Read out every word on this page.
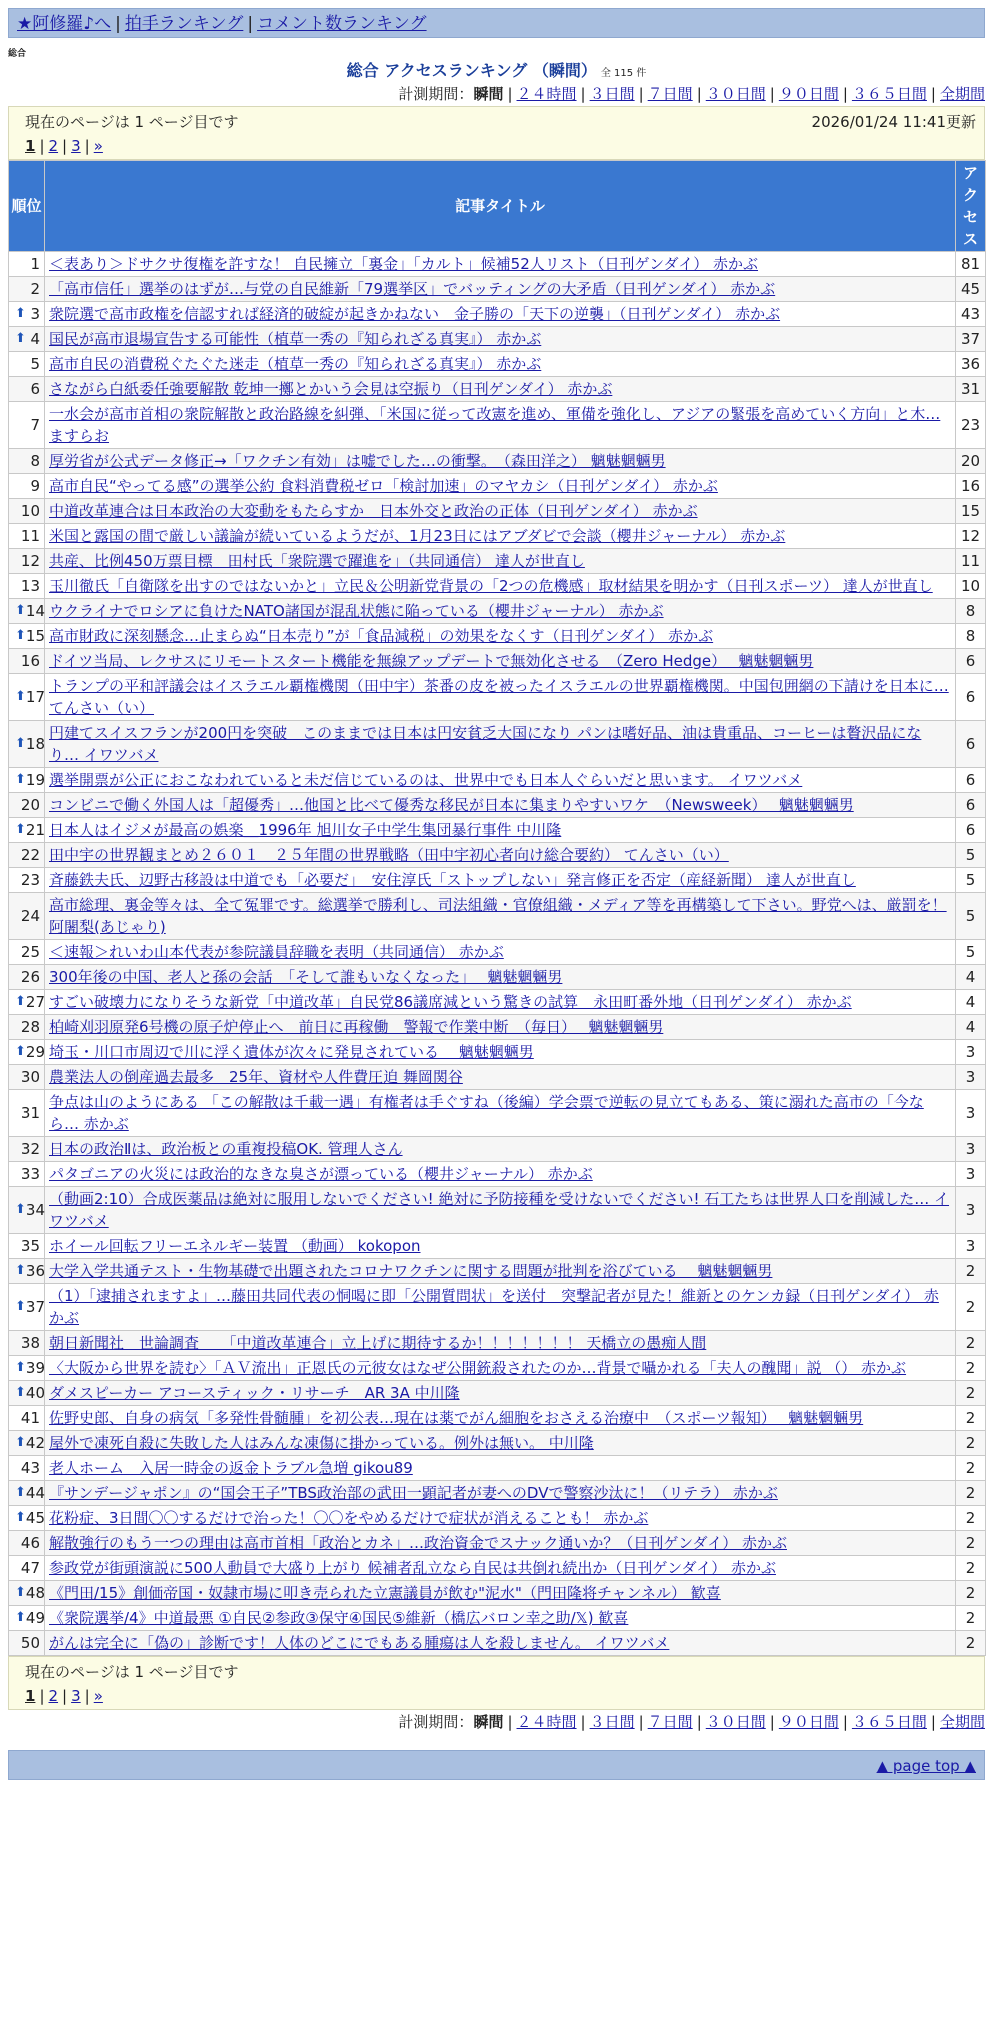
★阿修羅♪へ | 拍手ランキング | コメント数ランキング
総合
総合 アクセスランキング （瞬間） 全 115 件
計測期間：瞬間 | ２４時間 | ３日間 | ７日間 | ３０日間 | ９０日間 | ３６５日間 | 全期間
現在のページは 1 ページ目です	2026/01/24 11:41更新
1 | 2 | 3 | »
順位	記事タイトル	アクセス
1	＜表あり＞ドサクサ復権を許すな！ 自民擁立「裏金」「カルト」候補52人リスト（日刊ゲンダイ） 赤かぶ	81
2	「高市信任」選挙のはずが…与党の自民維新「79選挙区」でバッティングの大矛盾（日刊ゲンダイ） 赤かぶ	45

⬆ 3	衆院選で高市政権を信認すれば経済的破綻が起きかねない　金子勝の「天下の逆襲」（日刊ゲンダイ） 赤かぶ	43

⬆ 4	国民が高市退場宣告する可能性（植草一秀の『知られざる真実』） 赤かぶ	37
5	高市自民の消費税ぐたぐた迷走（植草一秀の『知られざる真実』） 赤かぶ	36
6	さながら白紙委任強要解散 乾坤一擲とかいう会見は空振り（日刊ゲンダイ） 赤かぶ	31
7	一水会が高市首相の衆院解散と政治路線を糾弾、「米国に従って改憲を進め、軍備を強化し、アジアの緊張を高めていく方向」と木… ますらお	23
8	厚労省が公式データ修正→「ワクチン有効」は嘘でした…の衝撃。　（森田洋之） 魑魅魍魎男	20
9	高市自民“やってる感”の選挙公約 食料消費税ゼロ「検討加速」のマヤカシ（日刊ゲンダイ） 赤かぶ	16
10	中道改革連合は日本政治の大変動をもたらすか　日本外交と政治の正体（日刊ゲンダイ） 赤かぶ	15
11	米国と露国の間で厳しい議論が続いているようだが、1月23日にはアブダビで会談（櫻井ジャーナル） 赤かぶ	12
12	共産、比例450万票目標　田村氏「衆院選で躍進を」（共同通信） 達人が世直し	11
13	玉川徹氏「自衛隊を出すのではないかと」立民＆公明新党背景の「2つの危機感」取材結果を明かす（日刊スポーツ） 達人が世直し	10

⬆ 14	ウクライナでロシアに負けたNATO諸国が混乱状態に陥っている（櫻井ジャーナル） 赤かぶ	8

⬆ 15	高市財政に深刻懸念…止まらぬ“日本売り”が「食品減税」の効果をなくす（日刊ゲンダイ） 赤かぶ	8
16	ドイツ当局、レクサスにリモートスタート機能を無線アップデートで無効化させる　（Zero Hedge）　 魑魅魍魎男	6

⬆ 17	トランプの平和評議会はイスラエル覇権機関（田中宇）茶番の皮を被ったイスラエルの世界覇権機関。中国包囲網の下請けを日本に… てんさい（い）	6

⬆ 18	円建てスイスフランが200円を突破　このままでは日本は円安貧乏大国になり パンは嗜好品、油は貴重品、コーヒーは贅沢品になり… イワツバメ	6

⬆ 19	選挙開票が公正におこなわれていると未だ信じているのは、世界中でも日本人ぐらいだと思います。 イワツバメ	6
20	コンビニで働く外国人は「超優秀」…他国と比べて優秀な移民が日本に集まりやすいワケ　（Newsweek）　 魑魅魍魎男	6

⬆ 21	日本人はイジメが最高の娯楽＿1996年 旭川女子中学生集団暴行事件 中川隆	6
22	田中宇の世界観まとめ２６０１　２５年間の世界戦略（田中宇初心者向け総合要約） てんさい（い）	5
23	斉藤鉄夫氏、辺野古移設は中道でも「必要だ」　安住淳氏「ストップしない」発言修正を否定（産経新聞） 達人が世直し	5
24	高市総理、裏金等々は、全て冤罪です。総選挙で勝利し、司法組織・官僚組織・メディア等を再構築して下さい。野党へは、厳罰を！ 阿闍梨(あじゃり)	5
25	＜速報＞れいわ山本代表が参院議員辞職を表明（共同通信） 赤かぶ	5
26	300年後の中国、老人と孫の会話　「そして誰もいなくなった」　 魑魅魍魎男	4

⬆ 27	すごい破壊力になりそうな新党「中道改革」自民党86議席減という驚きの試算　永田町番外地（日刊ゲンダイ） 赤かぶ	4
28	柏崎刈羽原発6号機の原子炉停止へ　前日に再稼働　警報で作業中断　（毎日）　 魑魅魍魎男	4

⬆ 29	埼玉・川口市周辺で川に浮く遺体が次々に発見されている　 魑魅魍魎男	3
30	農業法人の倒産過去最多　25年、資材や人件費圧迫 舞岡関谷	3
31	争点は山のようにある 「この解散は千載一遇」有権者は手ぐすね（後編）学会票で逆転の見立てもある、策に溺れた高市の「今なら… 赤かぶ	3
32	日本の政治Ⅱは、政治板との重複投稿OK. 管理人さん	3
33	パタゴニアの火災には政治的なきな臭さが漂っている（櫻井ジャーナル） 赤かぶ	3

⬆ 34	（動画2:10）合成医薬品は絶対に服用しないでください! 絶対に予防接種を受けないでください! 石工たちは世界人口を削減した… イワツバメ	3
35	ホイール回転フリーエネルギー装置 （動画） kokopon	3

⬆ 36	大学入学共通テスト・生物基礎で出題されたコロナワクチンに関する問題が批判を浴びている　 魑魅魍魎男	2

⬆ 37	（1）「逮捕されますよ」…藤田共同代表の恫喝に即「公開質問状」を送付　突撃記者が見た！維新とのケンカ録（日刊ゲンダイ） 赤かぶ	2
38	朝日新聞社　世論調査　　「中道改革連合」立上げに期待するか！！！！！！！ 天橋立の愚痴人間	2

⬆ 39	〈大阪から世界を読む〉「ＡＶ流出」正恩氏の元彼女はなぜ公開銃殺されたのか…背景で囁かれる「夫人の醜聞」説 （） 赤かぶ	2

⬆ 40	ダメスピーカー アコースティック・リサーチ　AR 3A 中川隆	2
41	佐野史郎、自身の病気「多発性骨髄腫」を初公表…現在は薬でがん細胞をおさえる治療中　（スポーツ報知）　 魑魅魍魎男	2

⬆ 42	屋外で凍死自殺に失敗した人はみんな凍傷に掛かっている。例外は無い。 中川隆	2
43	老人ホーム　入居一時金の返金トラブル急増 gikou89	2

⬆ 44	『サンデージャポン』の“国会王子”TBS政治部の武田一顕記者が妻へのDVで警察沙汰に！（リテラ） 赤かぶ	2

⬆ 45	花粉症、3日間〇〇するだけで治った！〇〇をやめるだけで症状が消えることも！ 赤かぶ	2
46	解散強行のもう一つの理由は高市首相「政治とカネ」…政治資金でスナック通いか？（日刊ゲンダイ） 赤かぶ	2
47	参政党が街頭演説に500人動員で大盛り上がり 候補者乱立なら自民は共倒れ続出か（日刊ゲンダイ） 赤かぶ	2

⬆ 48	《門田/15》創価帝国・奴隷市場に叩き売られた立憲議員が飲む"泥水"（門田隆将チャンネル） 歓喜	2

⬆ 49	《衆院選挙/4》中道最悪 ①自民②参政③保守④国民⑤維新（橋広バロン幸之助/𝕏) 歓喜	2
50	がんは完全に「偽の」診断です！人体のどこにでもある腫瘍は人を殺しません。 イワツバメ	2
現在のページは 1 ページ目です
1 | 2 | 3 | »
計測期間：瞬間 | ２４時間 | ３日間 | ７日間 | ３０日間 | ９０日間 | ３６５日間 | 全期間
▲ page top ▲
